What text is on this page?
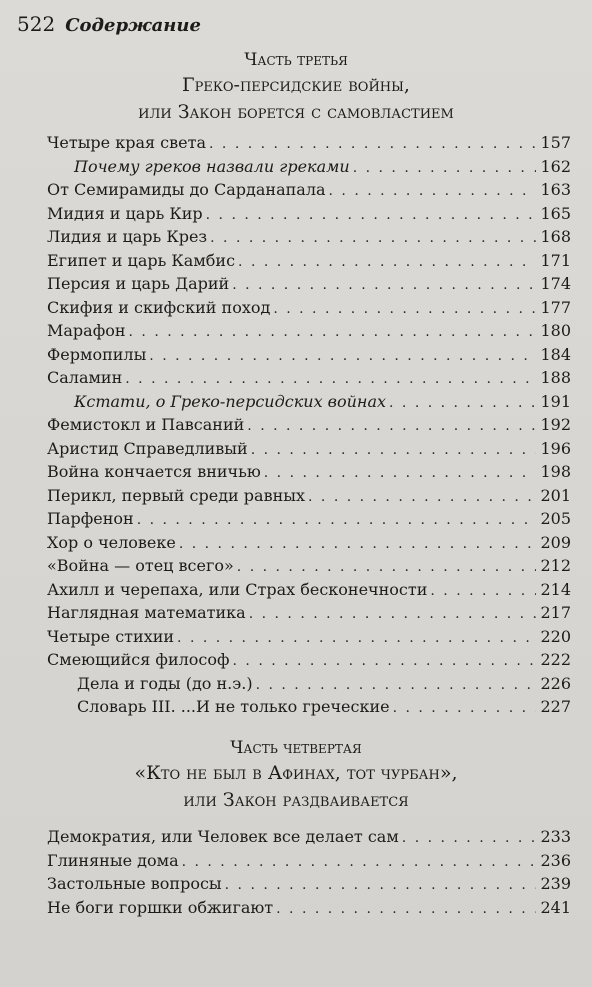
522 Содержание
Часть третья
Греко-персидские войны,
или Закон борется с самовластием
Четыре края света . . .	157
Почему греков назвали греками . . .	162
От Семирамиды до Сарданапала . . .	163
Мидия и царь Кир . . .	165
Лидия и царь Крез . . .	168
Египет и царь Камбис . . .	171
Персия и царь Дарий . . .	174
Скифия и скифский поход . . .	177
Марафон . . .	180
Фермопилы . . .	184
Саламин . . .	188
Кстати, о Греко-персидских войнах . . .	191
Фемистокл и Павсаний . . .	192
Аристид Справедливый . . .	196
Война кончается вничью . . .	198
Перикл, первый среди равных . . .	201
Парфенон . . .	205
Хор о человеке . . .	209
«Война — отец всего» . . .	212
Ахилл и черепаха, или Страх бесконечности . . .	214
Наглядная математика . . .	217
Четыре стихии . . .	220
Смеющийся философ . . .	222
Дела и годы (до н.э.) . . .	226
Словарь III. ...И не только греческие . . .	227
Часть четвертая
«Кто не был в Афинах, тот чурбан»,
или Закон раздваивается
Демократия, или Человек все делает сам . . .	233
Глиняные дома . . .	236
Застольные вопросы . . .	239
Не боги горшки обжигают . . .	241
